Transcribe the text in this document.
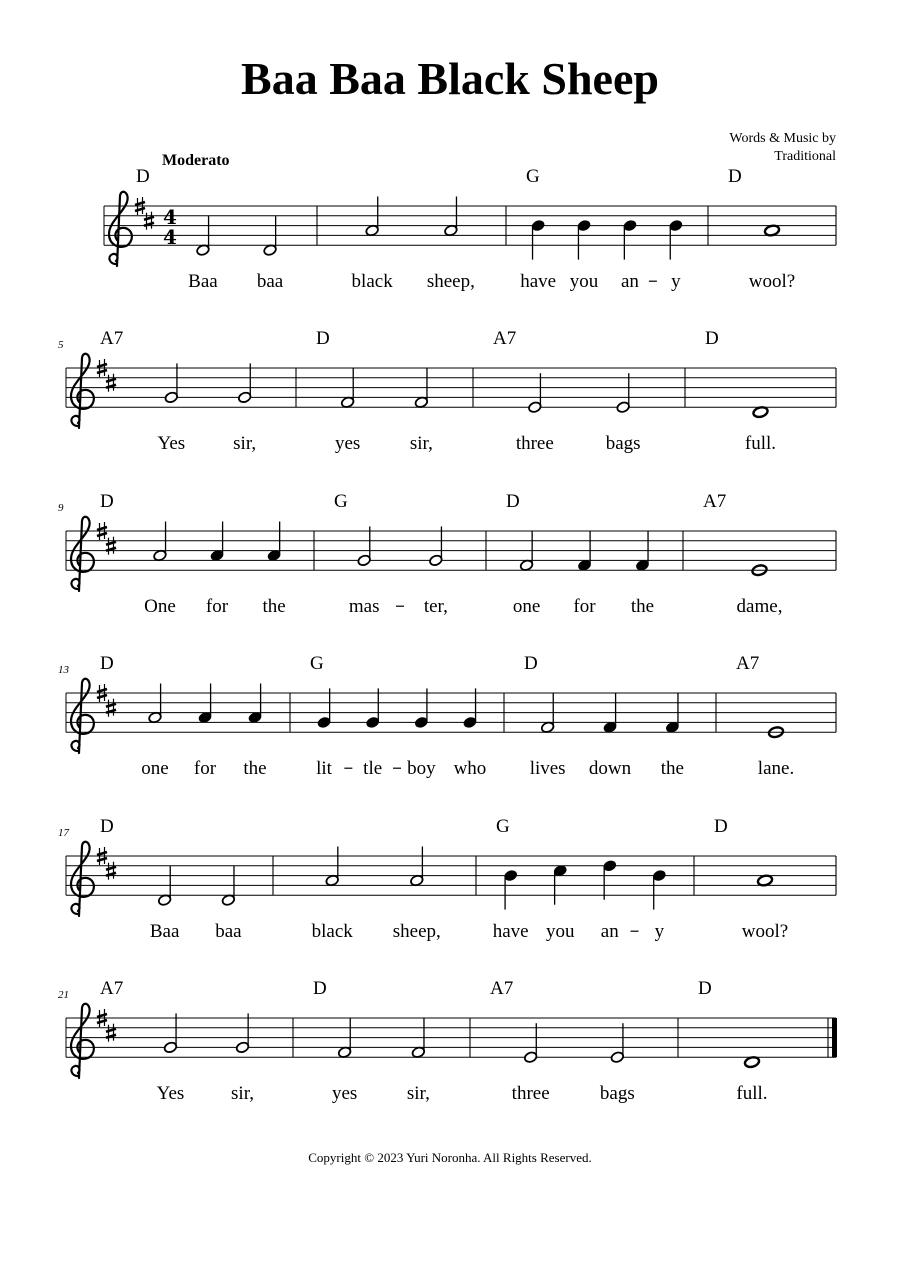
Baa Baa Black Sheep
Words & Music by
Traditional
Moderato
4
4
D
Baa baa	black sheep,
G
have you an y
D
wool?
5 A7
Yes	sir,
D
yes	sir,
A7
three	bags
D
full.
9 D
One for the
G
mas ter,
D
one for the
A7
dame,
13 D
one for the
G
lit tle boy who
D
lives down the
A7
lane.
17 D
Baa baa	black sheep,
G
have you an y
D
wool?
21 A7
Yes sir,
D
yes	sir,
A7
three	bags
D
full.
Copyright © 2023 Yuri Noronha. All Rights Reserved.
